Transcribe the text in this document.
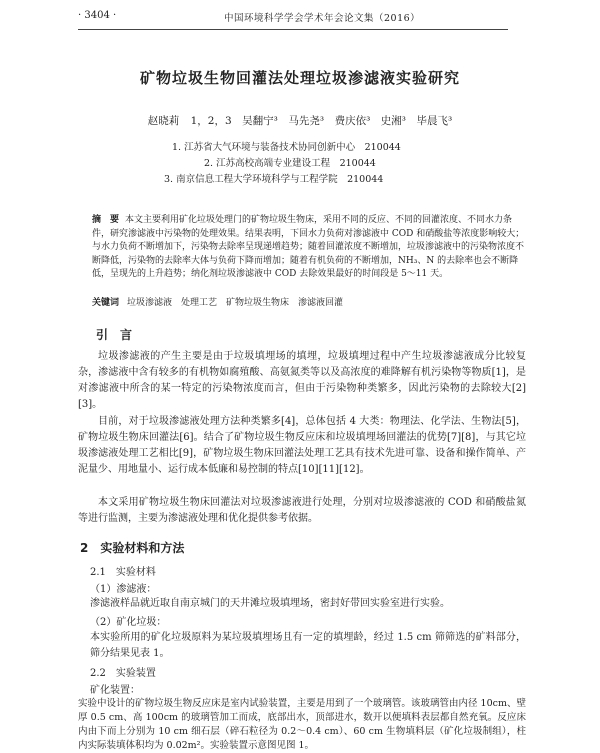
· 3404 ·	中国环境科学学会学术年会论文集（2016）
矿物垃圾生物回灌法处理垃圾渗滤液实验研究
赵晓莉 1，2，3　吴翻宁³　马先尧³　费庆依³　史湘³　毕晨飞³
1. 江苏省大气环境与装备技术协同创新中心　210044
2. 江苏高校高端专业建设工程　210044
3. 南京信息工程大学环境科学与工程学院　210044
摘　要 本文主要利用矿化垃圾处理门的矿物垃圾生物床，采用不同的反应、不同的回灌浓度、不同水力条件，研究渗滤液中污染物的处理效果。结果表明，下回水力负荷对渗滤液中 COD 和硝酸盐等浓度影响较大；与水力负荷不断增加下，污染物去除率呈现递增趋势；随着回灌浓度不断增加，垃圾渗滤液中的污染物浓度不断降低，污染物的去除率大体与负荷下降而增加；随着有机负荷的不断增加，NH₃、N 的去除率也会不断降低，呈现先的上升趋势；纳化剂垃圾渗滤液中 COD 去除效果最好的时间段是 5～11 天。
关键词 垃圾渗滤液　处理工艺　矿物垃圾生物床　渗滤液回灌
引　言
垃圾渗滤液的产生主要是由于垃圾填埋场的填埋，垃圾填埋过程中产生垃圾渗滤液成分比较复杂，渗滤液中含有较多的有机物如腐殖酸、高氨氮类等以及高浓度的难降解有机污染物等物质[1]，是对渗滤液中所含的某一特定的污染物浓度而言，但由于污染物种类繁多，因此污染物的去除较大[2][3]。
目前，对于垃圾渗滤液处理方法种类繁多[4]，总体包括 4 大类：物理法、化学法、生物法[5]，矿物垃圾生物床回灌法[6]。结合了矿物垃圾生物反应床和垃圾填埋场回灌法的优势[7][8]，与其它垃圾渗滤液处理工艺相比[9]，矿物垃圾生物床回灌法处理工艺具有技术先进可靠、设备和操作简单、产泥量少、用地量小、运行成本低廉和易控制的特点[10][11][12]。
本文采用矿物垃圾生物床回灌法对垃圾渗滤液进行处理，分别对垃圾渗滤液的 COD 和硝酸盐氮等进行监测，主要为渗滤液处理和优化提供参考依据。
2　实验材料和方法
2.1　实验材料
（1）渗滤液：
渗滤液样品就近取自南京城门的天井滩垃圾填埋场，密封好带回实验室进行实验。
（2）矿化垃圾：
本实验所用的矿化垃圾原料为某垃圾填埋场且有一定的填埋龄，经过 1.5 cm 筛筛选的矿料部分，筛分结果见表 1。
2.2　实验装置
矿化装置：
实验中设计的矿物垃圾生物反应床是室内试验装置，主要是用到了一个玻璃管。该玻璃管由内径 10cm、壁厚 0.5 cm、高 100cm 的玻璃管加工而成，底部出水，顶部进水，数开以便填料表层都自然充氧。反应床内由下而上分别为 10 cm 细石层（碎石粒径为 0.2～0.4 cm）、60 cm 生物填料层（矿化垃圾制组），柱内实际装填体积均为 0.02m²。实验装置示意图见图 1。
